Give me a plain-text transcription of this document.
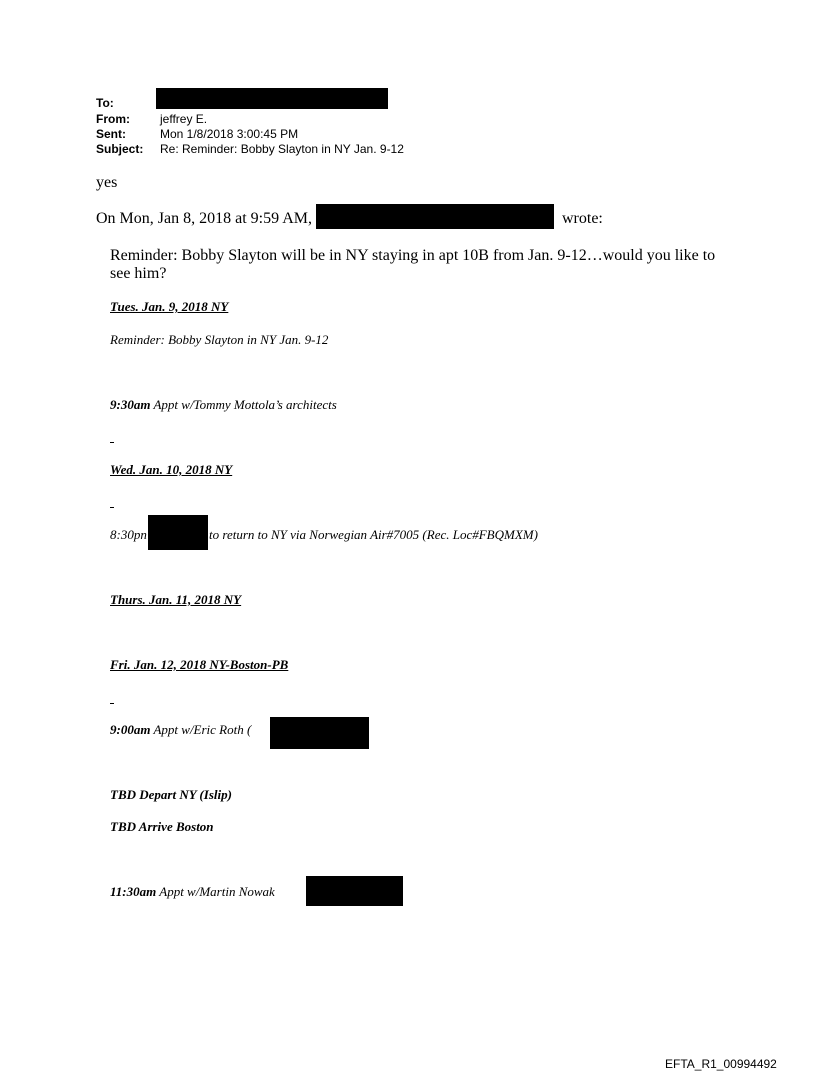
To:
From:	jeffrey E.
Sent:	Mon 1/8/2018 3:00:45 PM
Subject: Re: Reminder: Bobby Slayton in NY Jan. 9-12
yes
On Mon, Jan 8, 2018 at 9:59 AM,	wrote:
Reminder: Bobby Slayton will be in NY staying in apt 10B from Jan. 9-12…would you like to
see him?
Tues. Jan. 9, 2018 NY
Reminder: Bobby Slayton in NY Jan. 9-12
9:30am Appt w/Tommy Mottola’s architects
Wed. Jan. 10, 2018 NY
8:30pn	to return to NY via Norwegian Air#7005 (Rec. Loc#FBQMXM)
Thurs. Jan. 11, 2018 NY
Fri. Jan. 12, 2018 NY-Boston-PB
9:00am Appt w/Eric Roth (
TBD Depart NY (Islip)
TBD Arrive Boston
11:30am Appt w/Martin Nowak
EFTA_R1_00994492
